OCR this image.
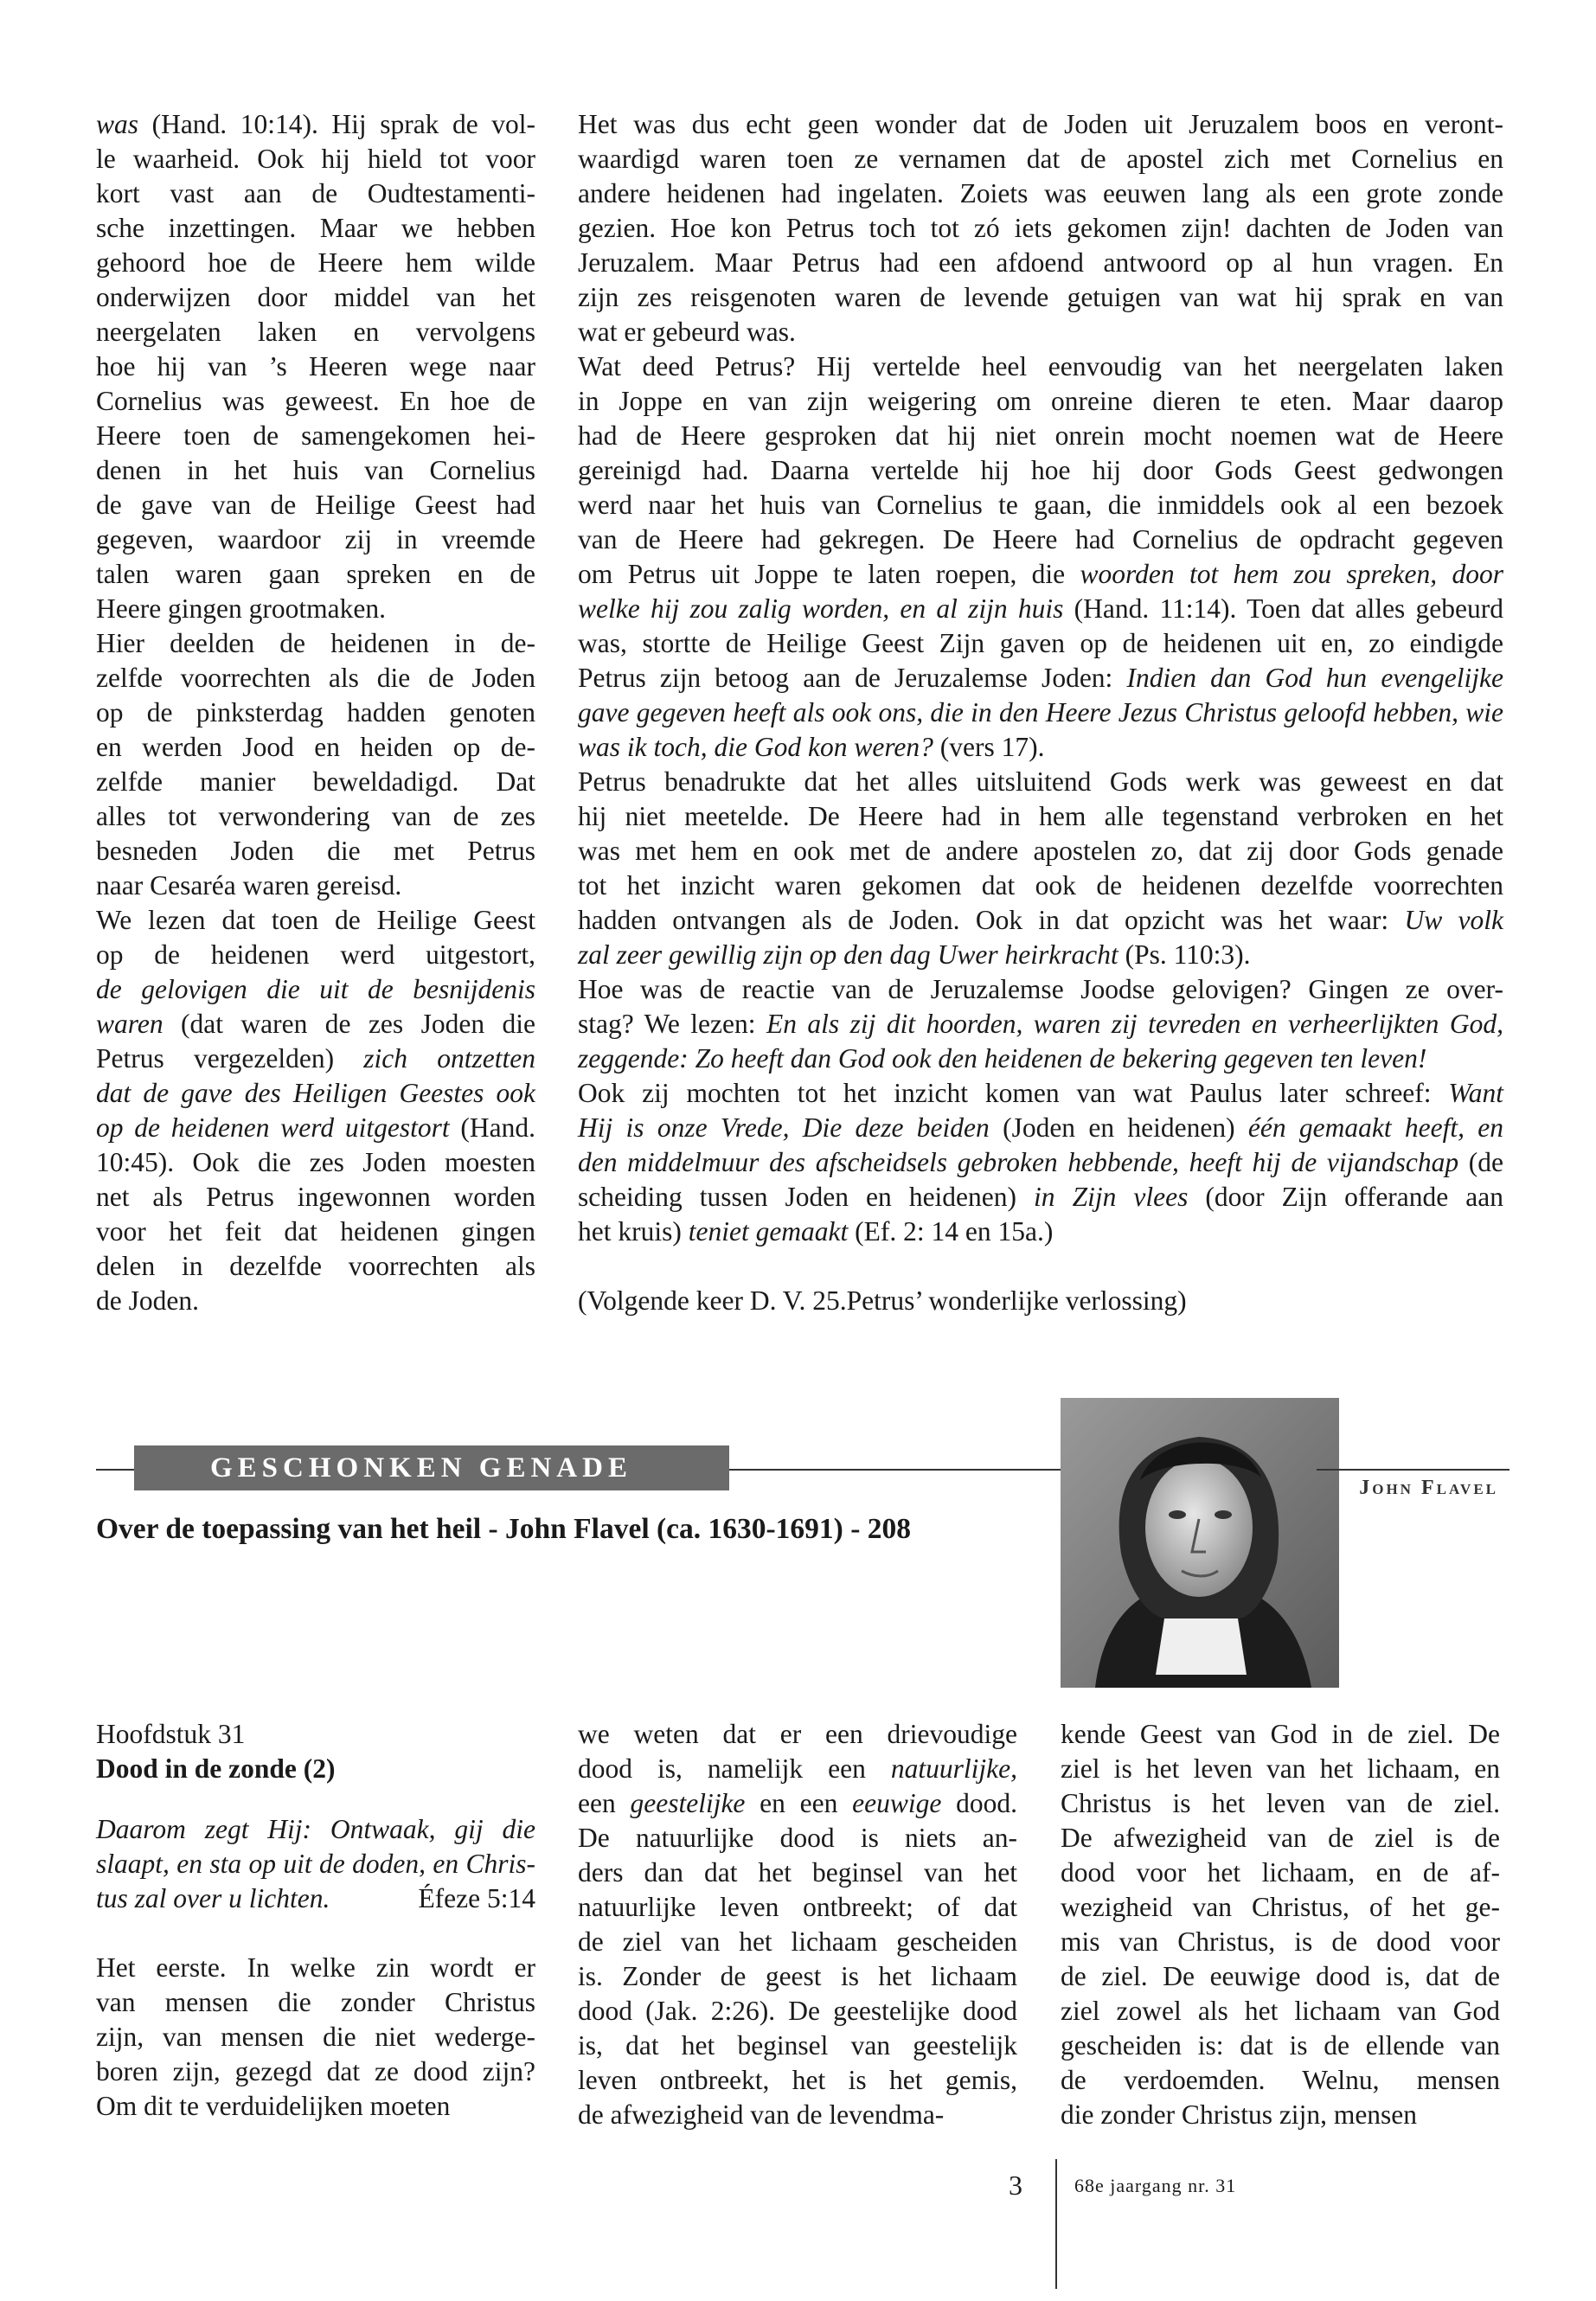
was (Hand. 10:14). Hij sprak de vol-
le waarheid. Ook hij hield tot voor
kort vast aan de Oudtestamenti-
sche inzettingen. Maar we hebben
gehoord hoe de Heere hem wilde
onderwijzen door middel van het
neergelaten laken en vervolgens
hoe hij van ’s Heeren wege naar
Cornelius was geweest. En hoe de
Heere toen de samengekomen hei-
denen in het huis van Cornelius
de gave van de Heilige Geest had
gegeven, waardoor zij in vreemde
talen waren gaan spreken en de
Heere gingen grootmaken.
Hier deelden de heidenen in de-
zelfde voorrechten als die de Joden
op de pinksterdag hadden genoten
en werden Jood en heiden op de-
zelfde manier beweldadigd. Dat
alles tot verwondering van de zes
besneden Joden die met Petrus
naar Cesaréa waren gereisd.
We lezen dat toen de Heilige Geest
op de heidenen werd uitgestort,
de gelovigen die uit de besnijdenis
waren (dat waren de zes Joden die
Petrus vergezelden) zich ontzetten
dat de gave des Heiligen Geestes ook
op de heidenen werd uitgestort (Hand.
10:45). Ook die zes Joden moesten
net als Petrus ingewonnen worden
voor het feit dat heidenen gingen
delen in dezelfde voorrechten als
de Joden.
Het was dus echt geen wonder dat de Joden uit Jeruzalem boos en veront-
waardigd waren toen ze vernamen dat de apostel zich met Cornelius en
andere heidenen had ingelaten. Zoiets was eeuwen lang als een grote zonde
gezien. Hoe kon Petrus toch tot zó iets gekomen zijn! dachten de Joden van
Jeruzalem. Maar Petrus had een afdoend antwoord op al hun vragen. En
zijn zes reisgenoten waren de levende getuigen van wat hij sprak en van
wat er gebeurd was.
Wat deed Petrus? Hij vertelde heel eenvoudig van het neergelaten laken
in Joppe en van zijn weigering om onreine dieren te eten. Maar daarop
had de Heere gesproken dat hij niet onrein mocht noemen wat de Heere
gereinigd had. Daarna vertelde hij hoe hij door Gods Geest gedwongen
werd naar het huis van Cornelius te gaan, die inmiddels ook al een bezoek
van de Heere had gekregen. De Heere had Cornelius de opdracht gegeven
om Petrus uit Joppe te laten roepen, die woorden tot hem zou spreken, door
welke hij zou zalig worden, en al zijn huis (Hand. 11:14). Toen dat alles gebeurd
was, stortte de Heilige Geest Zijn gaven op de heidenen uit en, zo eindigde
Petrus zijn betoog aan de Jeruzalemse Joden: Indien dan God hun evengelijke
gave gegeven heeft als ook ons, die in den Heere Jezus Christus geloofd hebben, wie
was ik toch, die God kon weren? (vers 17).
Petrus benadrukte dat het alles uitsluitend Gods werk was geweest en dat
hij niet meetelde. De Heere had in hem alle tegenstand verbroken en het
was met hem en ook met de andere apostelen zo, dat zij door Gods genade
tot het inzicht waren gekomen dat ook de heidenen dezelfde voorrechten
hadden ontvangen als de Joden. Ook in dat opzicht was het waar: Uw volk
zal zeer gewillig zijn op den dag Uwer heirkracht (Ps. 110:3).
Hoe was de reactie van de Jeruzalemse Joodse gelovigen? Gingen ze over-
stag? We lezen: En als zij dit hoorden, waren zij tevreden en verheerlijkten God,
zeggende: Zo heeft dan God ook den heidenen de bekering gegeven ten leven!
Ook zij mochten tot het inzicht komen van wat Paulus later schreef: Want
Hij is onze Vrede, Die deze beiden (Joden en heidenen) één gemaakt heeft, en
den middelmuur des afscheidsels gebroken hebbende, heeft hij de vijandschap (de
scheiding tussen Joden en heidenen) in Zijn vlees (door Zijn offerande aan
het kruis) teniet gemaakt (Ef. 2: 14 en 15a.)

(Volgende keer D. V. 25.Petrus’ wonderlijke verlossing)

GESCHONKEN GENADE
Over de toepassing van het heil - John Flavel (ca. 1630-1691) - 208
John Flavel

Hoofdstuk 31

Dood in de zonde (2)

Daarom zegt Hij: Ontwaak, gij die

slaapt, en sta op uit de doden, en Chris-

tus zal over u lichten.	Éfeze 5:14
Het eerste. In welke zin wordt er
van mensen die zonder Christus
zijn, van mensen die niet wederge-
boren zijn, gezegd dat ze dood zijn?
Om dit te verduidelijken moeten
we weten dat er een drievoudige
dood is, namelijk een natuurlijke,
een geestelijke en een eeuwige dood.
De natuurlijke dood is niets an-
ders dan dat het beginsel van het
natuurlijke leven ontbreekt; of dat
de ziel van het lichaam gescheiden
is. Zonder de geest is het lichaam
dood (Jak. 2:26). De geestelijke dood
is, dat het beginsel van geestelijk
leven ontbreekt, het is het gemis,
de afwezigheid van de levendma-
kende Geest van God in de ziel. De
ziel is het leven van het lichaam, en
Christus is het leven van de ziel.
De afwezigheid van de ziel is de
dood voor het lichaam, en de af-
wezigheid van Christus, of het ge-
mis van Christus, is de dood voor
de ziel. De eeuwige dood is, dat de
ziel zowel als het lichaam van God
gescheiden is: dat is de ellende van
de verdoemden. Welnu, mensen
die zonder Christus zijn, mensen
3	68e jaargang nr. 31
